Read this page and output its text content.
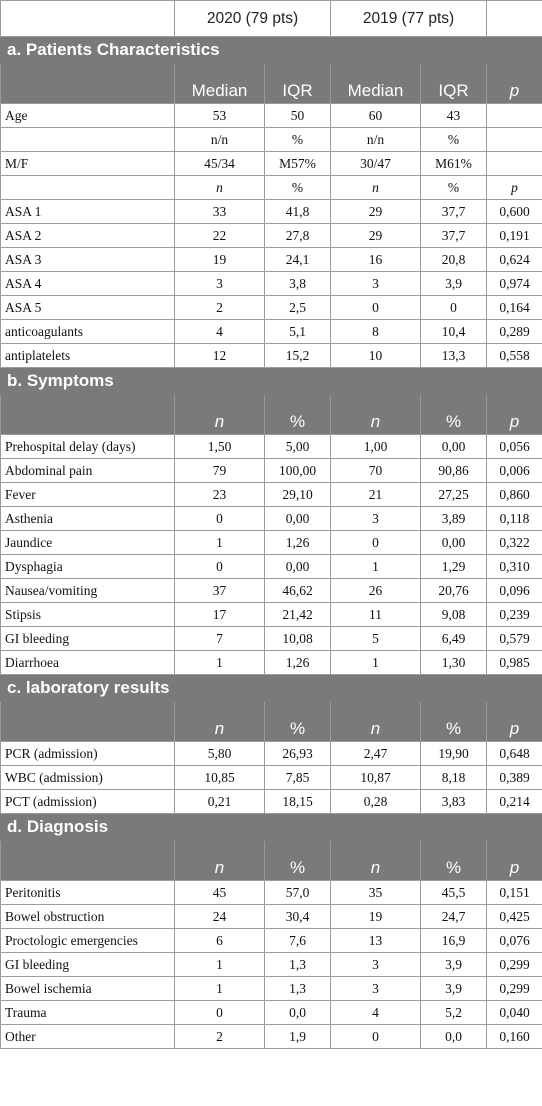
	2020 (79 pts)		2019 (77 pts)		
a. Patients Characteristics					
	Median	IQR	Median	IQR	p
Age	53	50	60	43	
	n/n	%	n/n	%	
M/F	45/34	M57%	30/47	M61%	
	n	%	n	%	p
ASA 1	33	41,8	29	37,7	0,600
ASA 2	22	27,8	29	37,7	0,191
ASA 3	19	24,1	16	20,8	0,624
ASA 4	3	3,8	3	3,9	0,974
ASA 5	2	2,5	0	0	0,164
anticoagulants	4	5,1	8	10,4	0,289
antiplatelets	12	15,2	10	13,3	0,558
b. Symptoms					
	n	%	n	%	p
Prehospital delay (days)	1,50	5,00	1,00	0,00	0,056
Abdominal pain	79	100,00	70	90,86	0,006
Fever	23	29,10	21	27,25	0,860
Asthenia	0	0,00	3	3,89	0,118
Jaundice	1	1,26	0	0,00	0,322
Dysphagia	0	0,00	1	1,29	0,310
Nausea/vomiting	37	46,62	26	20,76	0,096
Stipsis	17	21,42	11	9,08	0,239
GI bleeding	7	10,08	5	6,49	0,579
Diarrhoea	1	1,26	1	1,30	0,985
c. laboratory results					
	n	%	n	%	p
PCR (admission)	5,80	26,93	2,47	19,90	0,648
WBC (admission)	10,85	7,85	10,87	8,18	0,389
PCT (admission)	0,21	18,15	0,28	3,83	0,214
d. Diagnosis					
	n	%	n	%	p
Peritonitis	45	57,0	35	45,5	0,151
Bowel obstruction	24	30,4	19	24,7	0,425
Proctologic emergencies	6	7,6	13	16,9	0,076
GI bleeding	1	1,3	3	3,9	0,299
Bowel ischemia	1	1,3	3	3,9	0,299
Trauma	0	0,0	4	5,2	0,040
Other	2	1,9	0	0,0	0,160
